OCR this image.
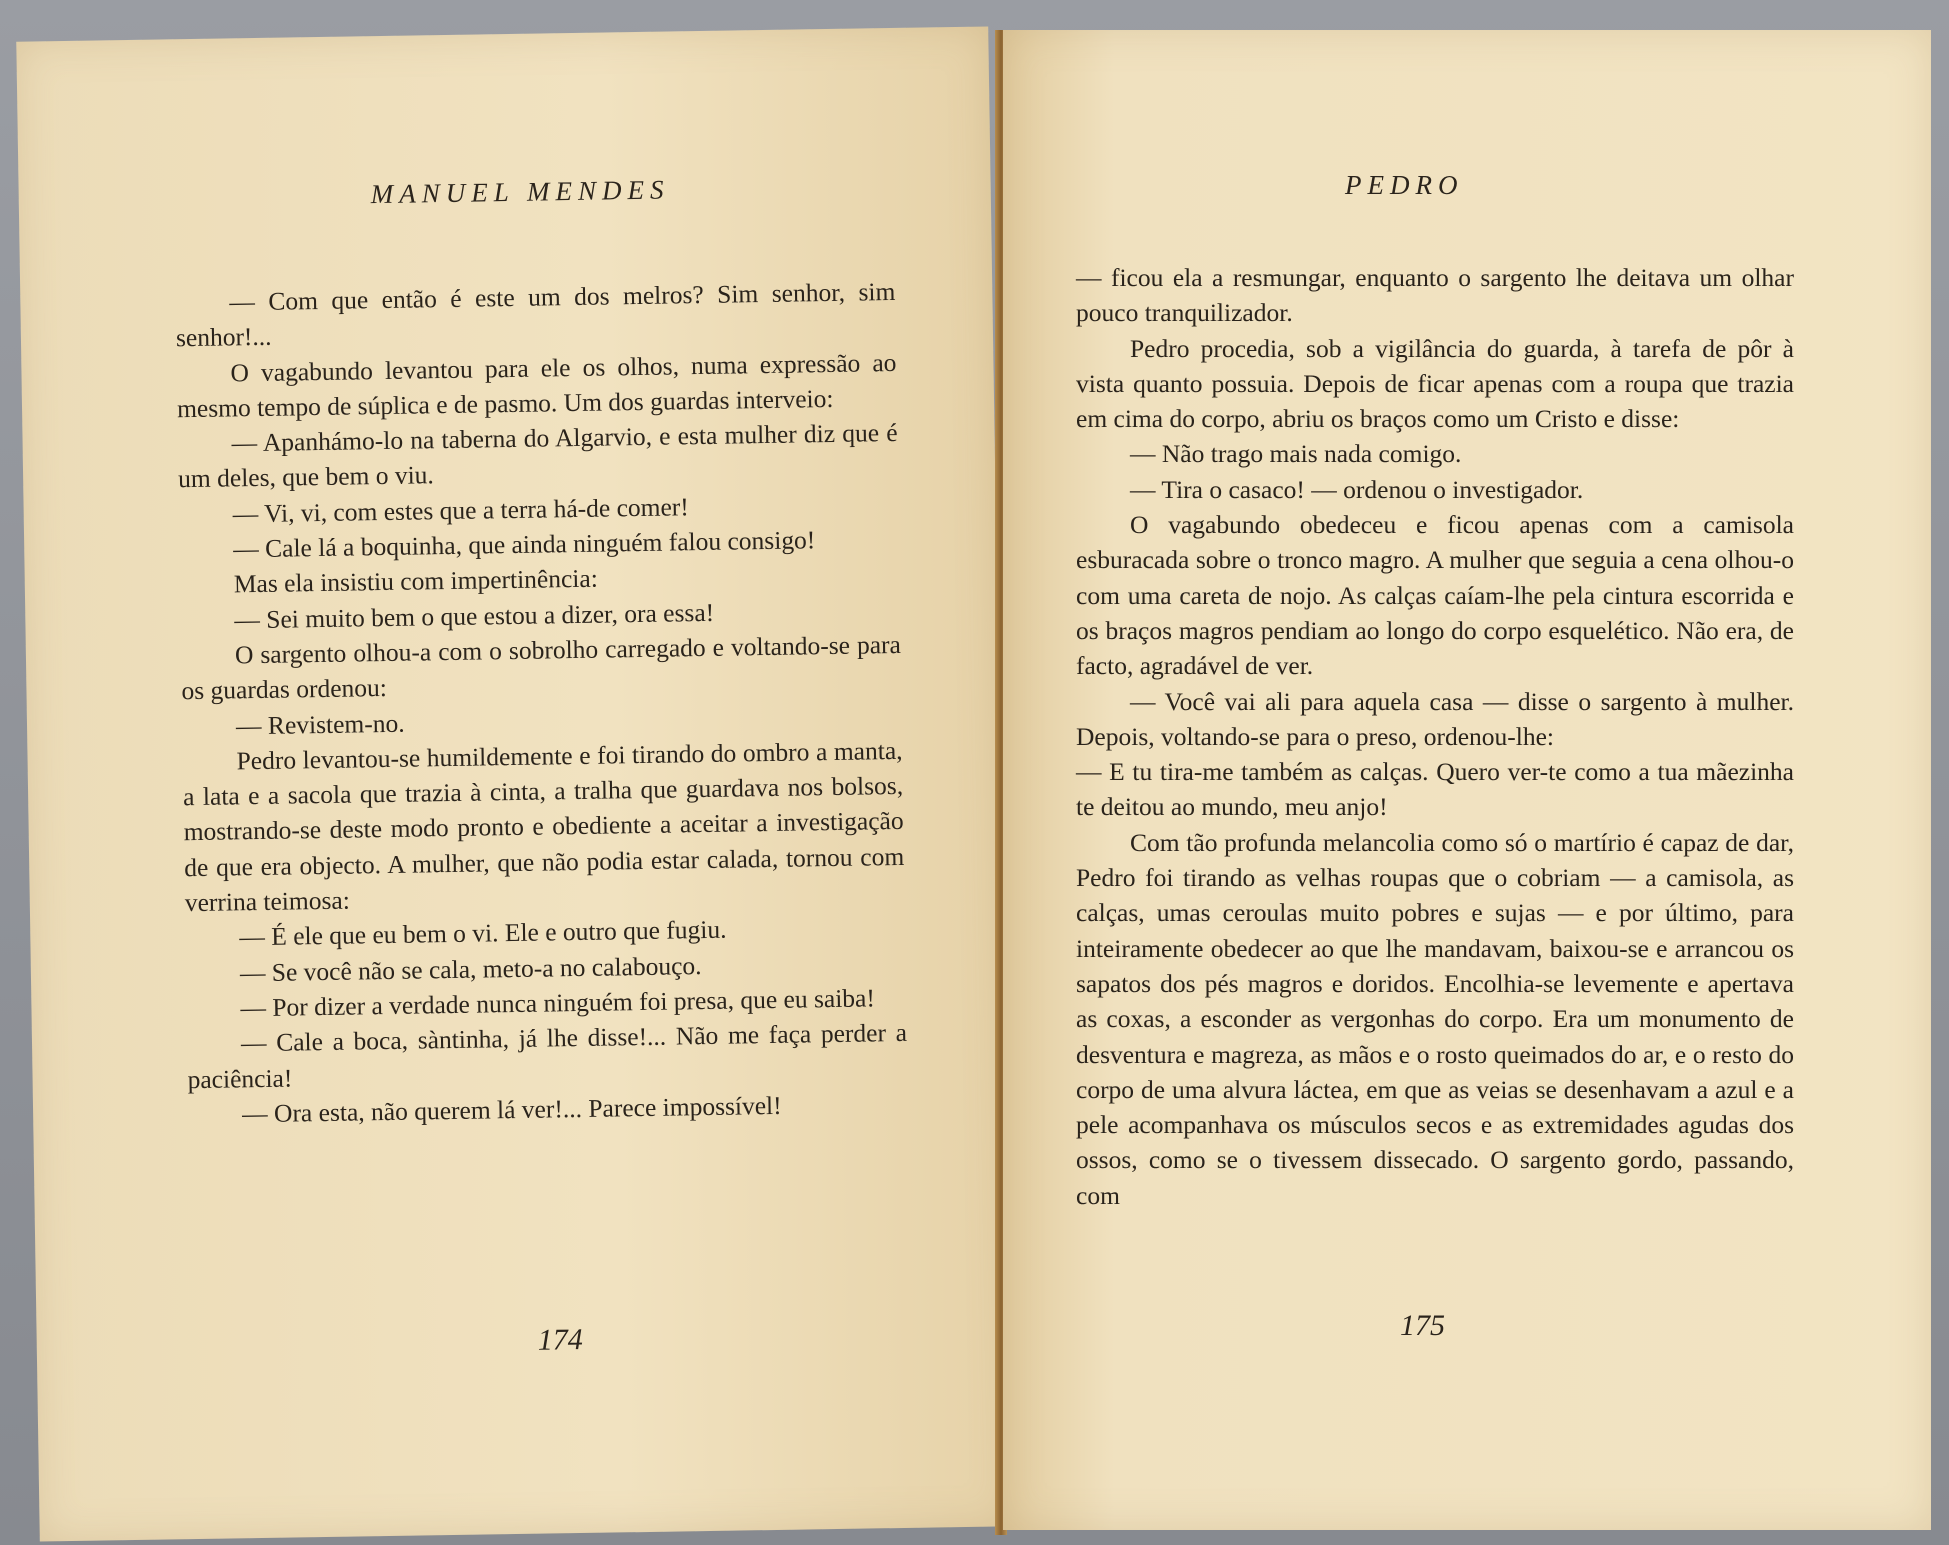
MANUEL MENDES

— Com que então é este um dos melros? Sim senhor, sim senhor!...

O vagabundo levantou para ele os olhos, numa expressão ao mesmo tempo de súplica e de pasmo. Um dos guardas interveio:

— Apanhámo-lo na taberna do Algarvio, e esta mulher diz que é um deles, que bem o viu.

— Vi, vi, com estes que a terra há-de comer!

— Cale lá a boquinha, que ainda ninguém falou consigo!

Mas ela insistiu com impertinência:

— Sei muito bem o que estou a dizer, ora essa!

O sargento olhou-a com o sobrolho carregado e voltando-se para os guardas ordenou:

— Revistem-no.

Pedro levantou-se humildemente e foi tirando do ombro a manta, a lata e a sacola que trazia à cinta, a tralha que guardava nos bolsos, mostrando-se deste modo pronto e obediente a aceitar a investigação de que era objecto. A mulher, que não podia estar calada, tornou com verrina teimosa:

— É ele que eu bem o vi. Ele e outro que fugiu.

— Se você não se cala, meto-a no calabouço.

— Por dizer a verdade nunca ninguém foi presa, que eu saiba!

— Cale a boca, sàntinha, já lhe disse!... Não me faça perder a paciência!

— Ora esta, não querem lá ver!... Parece impossível!

174
PEDRO

— ficou ela a resmungar, enquanto o sargento lhe deitava um olhar pouco tranquilizador.

Pedro procedia, sob a vigilância do guarda, à tarefa de pôr à vista quanto possuia. Depois de ficar apenas com a roupa que trazia em cima do corpo, abriu os braços como um Cristo e disse:

— Não trago mais nada comigo.

— Tira o casaco! — ordenou o investigador.

O vagabundo obedeceu e ficou apenas com a camisola esburacada sobre o tronco magro. A mulher que seguia a cena olhou-o com uma careta de nojo. As calças caíam-lhe pela cintura escorrida e os braços magros pendiam ao longo do corpo esquelético. Não era, de facto, agradável de ver.

— Você vai ali para aquela casa — disse o sargento à mulher. Depois, voltando-se para o preso, ordenou-lhe:

— E tu tira-me também as calças. Quero ver-te como a tua mãezinha te deitou ao mundo, meu anjo!

Com tão profunda melancolia como só o martírio é capaz de dar, Pedro foi tirando as velhas roupas que o cobriam — a camisola, as calças, umas ceroulas muito pobres e sujas — e por último, para inteiramente obedecer ao que lhe mandavam, baixou-se e arrancou os sapatos dos pés magros e doridos. Encolhia-se levemente e apertava as coxas, a esconder as vergonhas do corpo. Era um monumento de desventura e magreza, as mãos e o rosto queimados do ar, e o resto do corpo de uma alvura láctea, em que as veias se desenhavam a azul e a pele acompanhava os músculos secos e as extremidades agudas dos ossos, como se o tivessem dissecado. O sargento gordo, passando, com

175
